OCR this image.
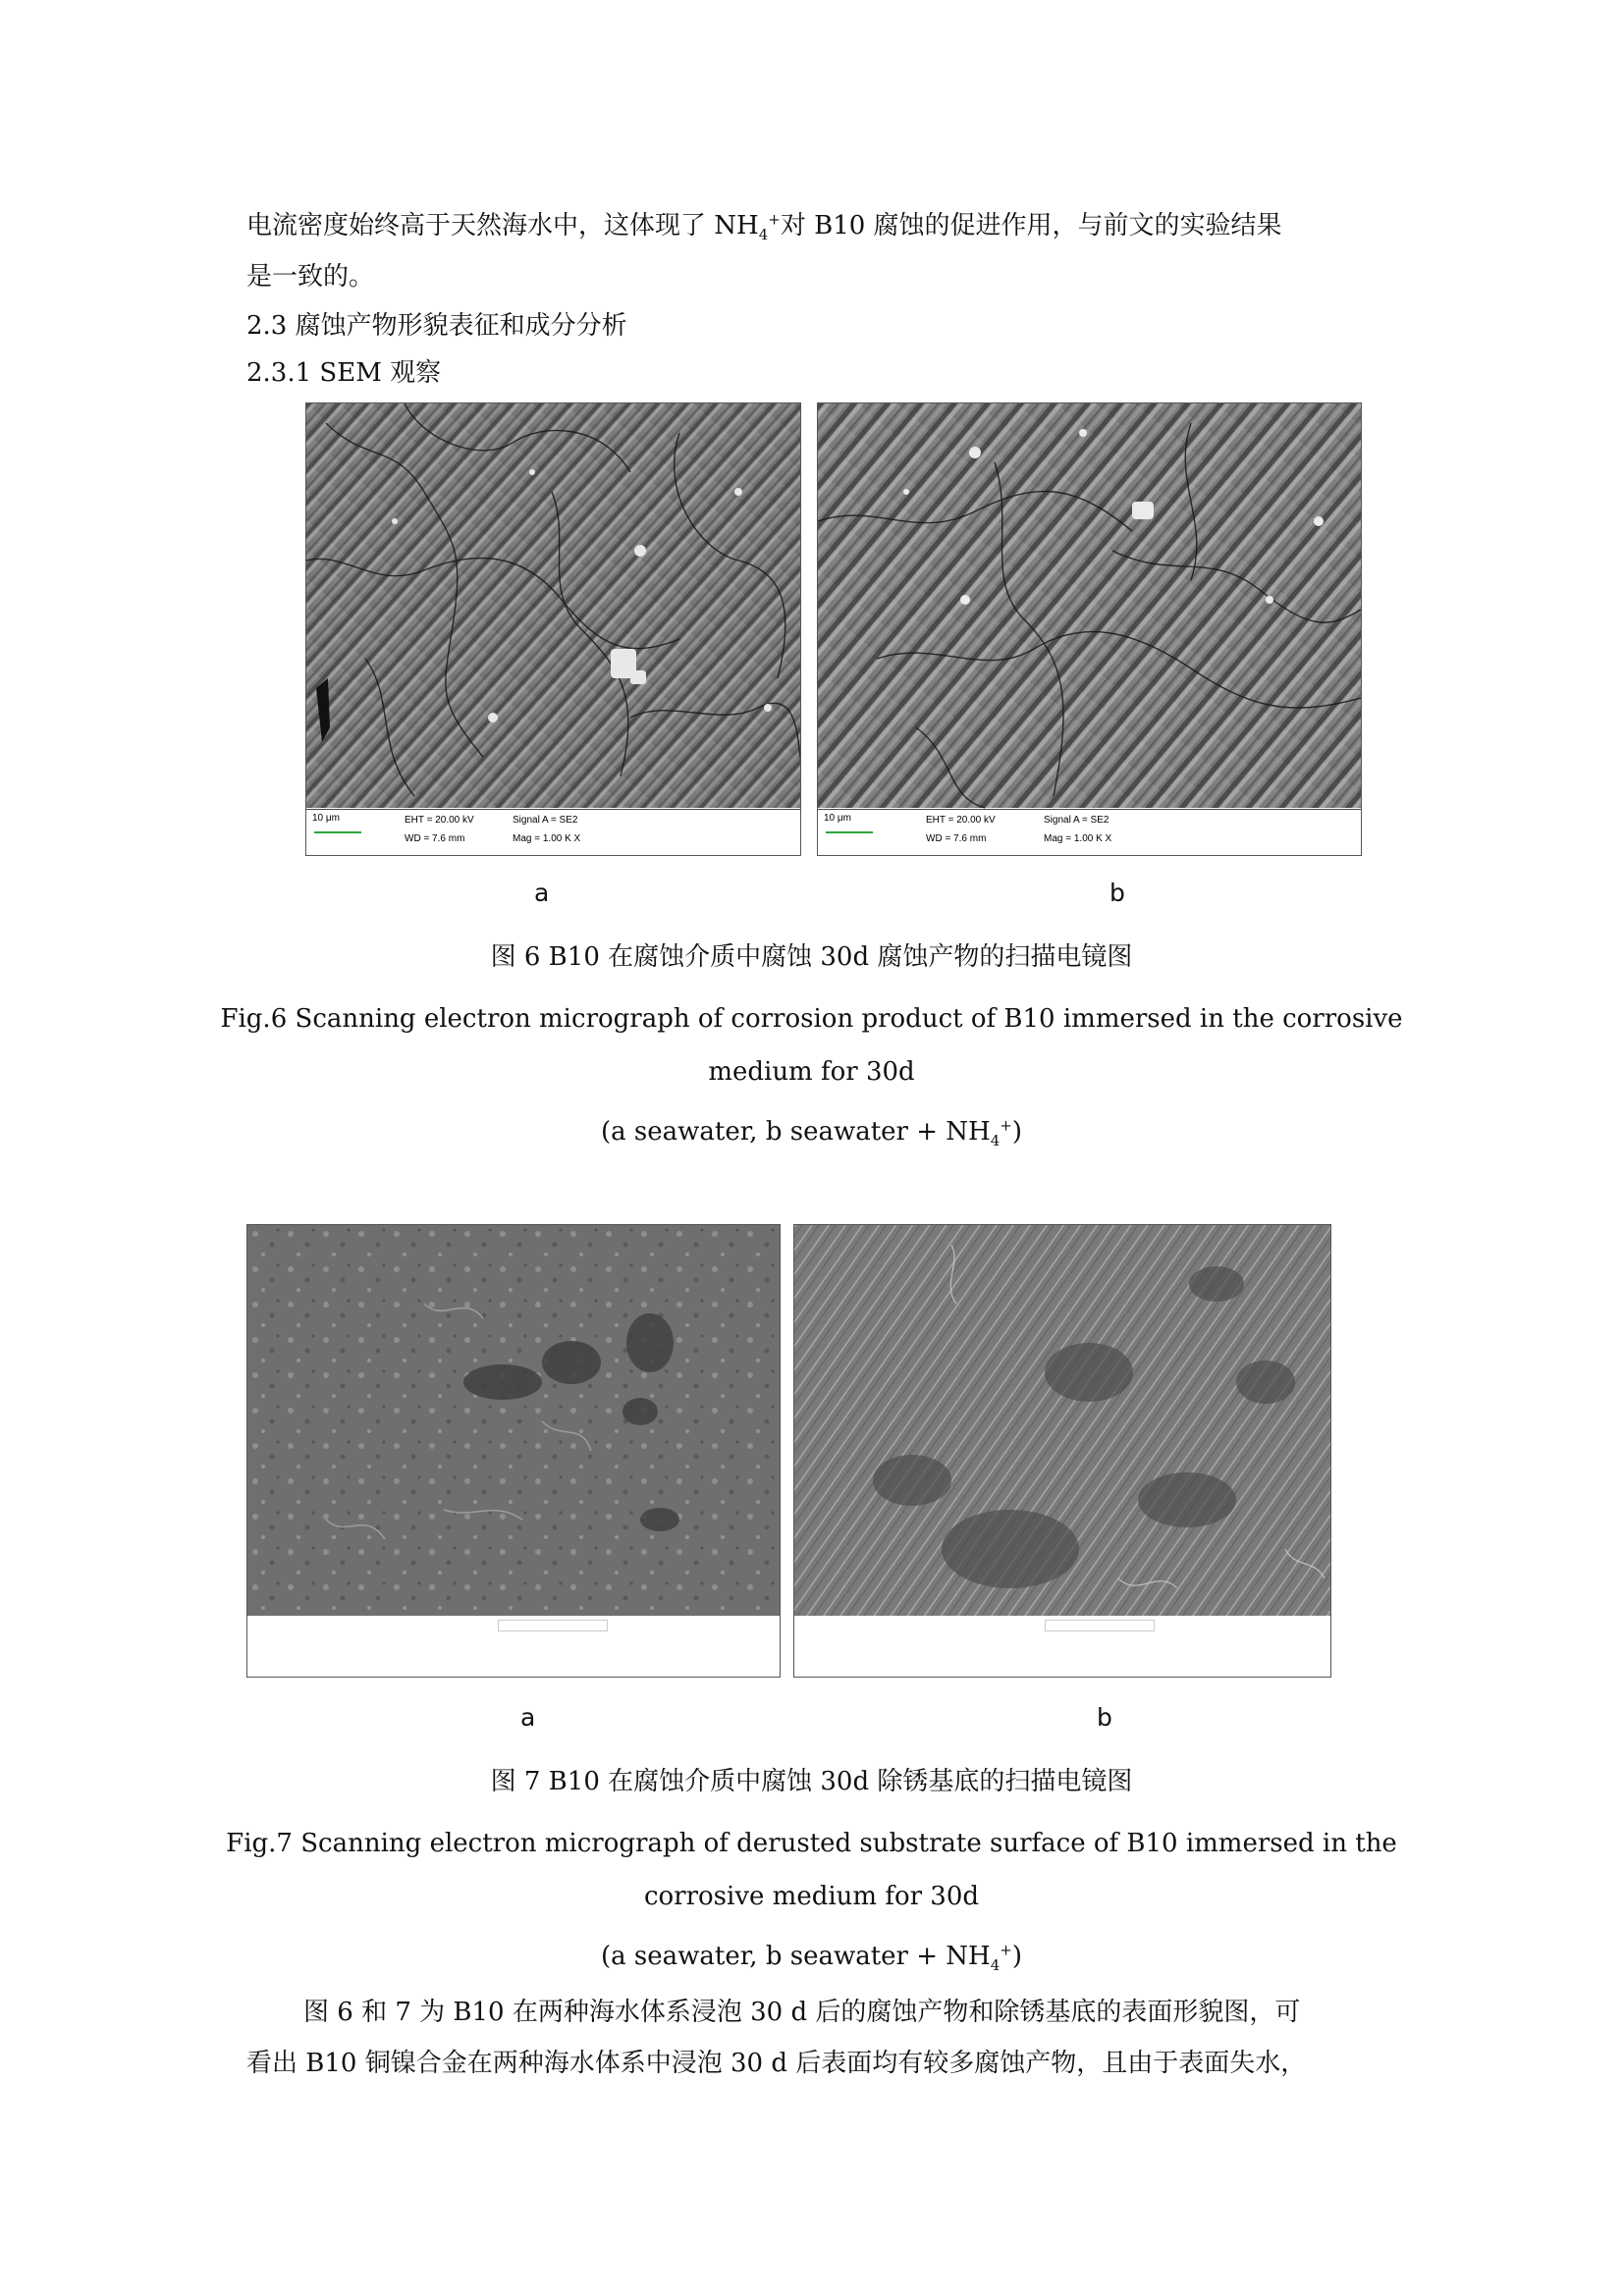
电流密度始终高于天然海水中，这体现了 $NH_4^+$对 B10 腐蚀的促进作用，与前文的实验结果
是一致的。
2.3 腐蚀产物形貌表征和成分分析
2.3.1 SEM 观察
10 μm	EHT = 20.00 kV
WD = 7.6 mm
Signal A = SE2
Mag = 1.00 K X
10 μm	EHT = 20.00 kV
WD = 7.6 mm
Signal A = SE2
Mag = 1.00 K X
a	b
图 6 B10 在腐蚀介质中腐蚀 30d 腐蚀产物的扫描电镜图
Fig.6 Scanning electron micrograph of corrosion product of B10 immersed in the corrosive
medium for 30d
(a seawater, b seawater + $NH_4^+$)
SEM HV: 20.0 kV	WD: 15.86 mm	VEGA3 TESCAN
View field: 276 μm	SEM MAG: 1.00 kx 50 μm
Det: SE Date(m/d/y): 09/11/18	QDSM
SEM HV: 20.0 kV	WD: 15.68 mm	VEGA3 TESCAN
View field: 276 μm	SEM MAG: 1.00 kx 50 μm
Det: SE Date(m/d/y): 09/11/18	QDSM
a	b
图 7 B10 在腐蚀介质中腐蚀 30d 除锈基底的扫描电镜图
Fig.7 Scanning electron micrograph of derusted substrate surface of B10 immersed in the
corrosive medium for 30d
(a seawater, b seawater + $NH_4^+$)
图 6 和 7 为 B10 在两种海水体系浸泡 30 d 后的腐蚀产物和除锈基底的表面形貌图，可
看出 B10 铜镍合金在两种海水体系中浸泡 30 d 后表面均有较多腐蚀产物，且由于表面失水，
